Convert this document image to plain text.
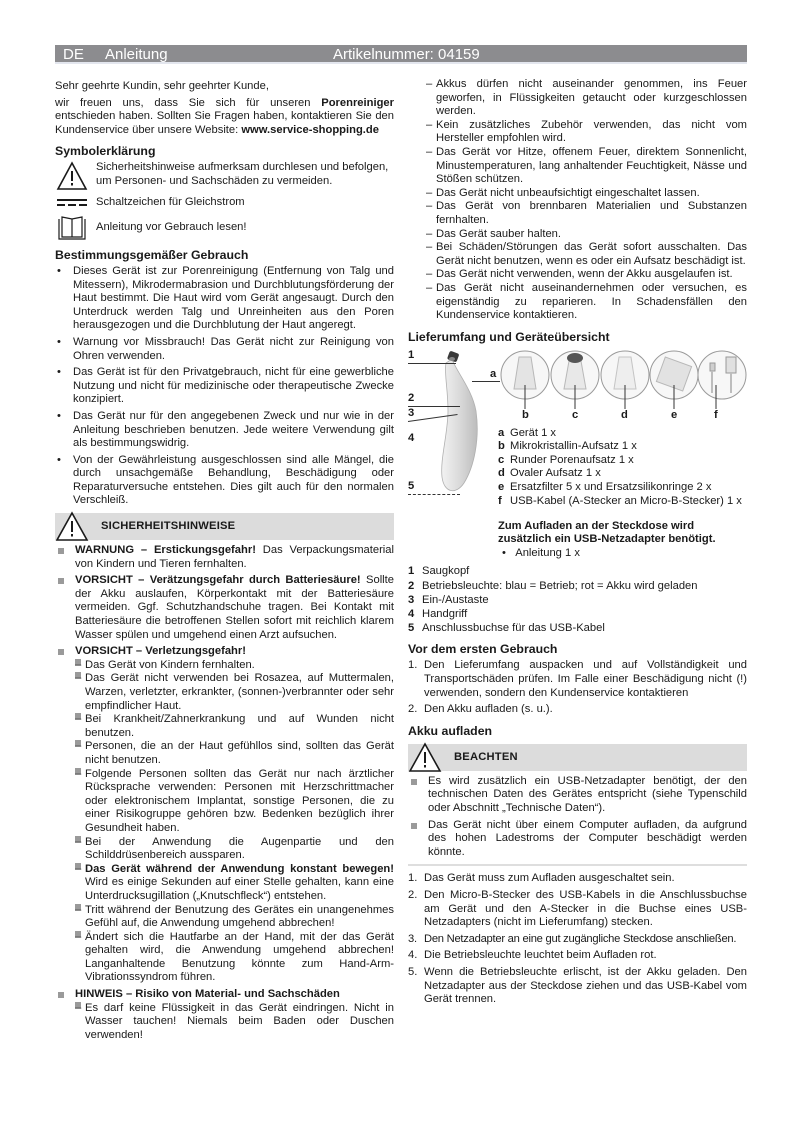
DE Anleitung	Artikelnummer: 04159

Sehr geehrte Kundin, sehr geehrter Kunde,

wir freuen uns, dass Sie sich für unseren Porenreiniger entschieden haben. Sollten Sie Fragen haben, kontaktieren Sie den Kundenservice über unsere Website: www.service-shopping.de

Symbolerklärung
Sicherheitshinweise aufmerksam durchlesen und befolgen, um Personen- und Sachschäden zu vermeiden.
Schaltzeichen für Gleichstrom
Anleitung vor Gebrauch lesen!
Bestimmungsgemäßer Gebrauch
• Dieses Gerät ist zur Porenreinigung (Entfernung von Talg und Mitessern), Mikrodermabrasion und Durchblutungsförderung der Haut bestimmt. Die Haut wird vom Gerät angesaugt. Durch den Unterdruck werden Talg und Unreinheiten aus den Poren herausgezogen und die Durchblutung der Haut angeregt.
• Warnung vor Missbrauch! Das Gerät nicht zur Reinigung von Ohren verwenden.
• Das Gerät ist für den Privatgebrauch, nicht für eine gewerbliche Nutzung und nicht für medizinische oder therapeutische Zwecke konzipiert.
• Das Gerät nur für den angegebenen Zweck und nur wie in der Anleitung beschrieben benutzen. Jede weitere Verwendung gilt als bestimmungswidrig.
• Von der Gewährleistung ausgeschlossen sind alle Mängel, die durch unsachgemäße Behandlung, Beschädigung oder Reparaturversuche entstehen. Dies gilt auch für den normalen Verschleiß.
SICHERHEITSHINWEISE
WARNUNG – Erstickungsgefahr! Das Verpackungsmaterial von Kindern und Tieren fernhalten.
VORSICHT – Verätzungsgefahr durch Batteriesäure! Sollte der Akku auslaufen, Körperkontakt mit der Batteriesäure vermeiden. Ggf. Schutzhandschuhe tragen. Bei Kontakt mit Batteriesäure die betroffenen Stellen sofort mit reichlich klarem Wasser spülen und umgehend einen Arzt aufsuchen.
VORSICHT – Verletzungsgefahr!
– Das Gerät von Kindern fernhalten.
– Das Gerät nicht verwenden bei Rosazea, auf Muttermalen, Warzen, verletzter, erkrankter, (sonnen-)verbrannter oder sehr empfindlicher Haut.
– Bei Krankheit/Zahnerkrankung und auf Wunden nicht benutzen.
– Personen, die an der Haut gefühllos sind, sollten das Gerät nicht benutzen.
– Folgende Personen sollten das Gerät nur nach ärztlicher Rücksprache verwenden: Personen mit Herzschrittmacher oder elektronischem Implantat, sonstige Personen, die zu einer Risikogruppe gehören bzw. Bedenken bezüglich ihrer Gesundheit haben.
– Bei der Anwendung die Augenpartie und den Schilddrüsenbereich aussparen.
– Das Gerät während der Anwendung konstant bewegen! Wird es einige Sekunden auf einer Stelle gehalten, kann eine Unterdrucksugillation („Knutschfleck“) entstehen.
– Tritt während der Benutzung des Gerätes ein unangenehmes Gefühl auf, die Anwendung umgehend abbrechen!
– Ändert sich die Hautfarbe an der Hand, mit der das Gerät gehalten wird, die Anwendung umgehend abbrechen! Langanhaltende Benutzung könnte zum Hand-Arm-Vibrationssyndrom führen.
HINWEIS – Risiko von Material- und Sachschäden
– Es darf keine Flüssigkeit in das Gerät eindringen. Nicht in Wasser tauchen! Niemals beim Baden oder Duschen verwenden!
– Akkus dürfen nicht auseinander genommen, ins Feuer geworfen, in Flüssigkeiten getaucht oder kurzgeschlossen werden.
– Kein zusätzliches Zubehör verwenden, das nicht vom Hersteller empfohlen wird.
– Das Gerät vor Hitze, offenem Feuer, direktem Sonnenlicht, Minustemperaturen, lang anhaltender Feuchtigkeit, Nässe und Stößen schützen.
– Das Gerät nicht unbeaufsichtigt eingeschaltet lassen.
– Das Gerät von brennbaren Materialien und Substanzen fernhalten.
– Das Gerät sauber halten.
– Bei Schäden/Störungen das Gerät sofort ausschalten. Das Gerät nicht benutzen, wenn es oder ein Aufsatz beschädigt ist.
– Das Gerät nicht verwenden, wenn der Akku ausgelaufen ist.
– Das Gerät nicht auseinandernehmen oder versuchen, es eigenständig zu reparieren. In Schadensfällen den Kundenservice kontaktieren.
Lieferumfang und Geräteübersicht
1
a
2
3
4
5
b	c	d	e	f
a Gerät 1 x
b Mikrokristallin-Aufsatz 1 x
c Runder Porenaufsatz 1 x
d Ovaler Aufsatz 1 x
e Ersatzfilter 5 x und Ersatzsilikonringe 2 x
f USB-Kabel (A-Stecker an Micro-B-Stecker) 1 x

Zum Aufladen an der Steckdose wird zusätzlich ein USB-Netzadapter benötigt.

• Anleitung 1 x

1 Saugkopf
2 Betriebsleuchte: blau = Betrieb; rot = Akku wird geladen
3 Ein-/Austaste
4 Handgriff
5 Anschlussbuchse für das USB-Kabel
Vor dem ersten Gebrauch
1. Den Lieferumfang auspacken und auf Vollständigkeit und Transportschäden prüfen. Im Falle einer Beschädigung nicht (!) verwenden, sondern den Kundenservice kontaktieren
2. Den Akku aufladen (s. u.).
Akku aufladen
BEACHTEN
Es wird zusätzlich ein USB-Netzadapter benötigt, der den technischen Daten des Gerätes entspricht (siehe Typenschild oder Abschnitt „Technische Daten“).
Das Gerät nicht über einem Computer aufladen, da aufgrund des hohen Ladestroms der Computer beschädigt werden könnte.
1. Das Gerät muss zum Aufladen ausgeschaltet sein.
2. Den Micro-B-Stecker des USB-Kabels in die Anschlussbuchse am Gerät und den A-Stecker in die Buchse eines USB-Netzadapters (nicht im Lieferumfang) stecken.
3. Den Netzadapter an eine gut zugängliche Steckdose anschließen.
4. Die Betriebsleuchte leuchtet beim Aufladen rot.
5. Wenn die Betriebsleuchte erlischt, ist der Akku geladen. Den Netzadapter aus der Steckdose ziehen und das USB-Kabel vom Gerät trennen.
